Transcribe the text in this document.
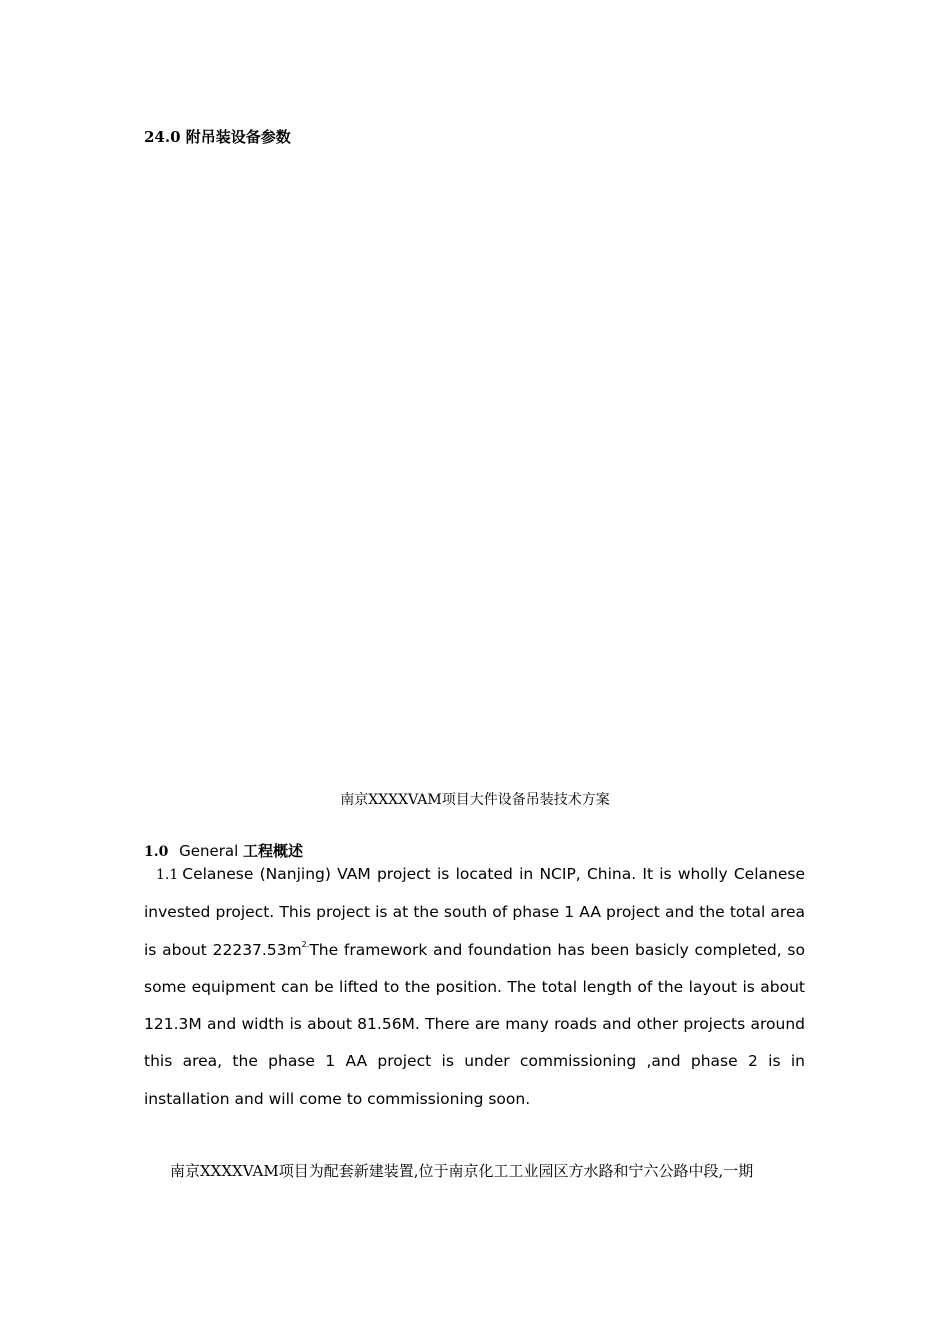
24.0 附吊装设备参数
南京XXXXVAM项目大件设备吊装技术方案
1.0 General 工程概述

1.1 Celanese (Nanjing) VAM project is located in NCIP, China. It is wholly Celanese invested project. This project is at the south of phase 1 AA project and the total area is about $22237.53m^{2.}The$ framework and foundation has been basicly completed, so some equipment can be lifted to the position. The total length of the layout is about 121.3M and width is about 81.56M. There are many roads and other projects around this area, the phase 1 AA project is under commissioning ,and phase 2 is in installation and will come to commissioning soon.

南京XXXXVAM项目为配套新建装置,位于南京化工工业园区方水路和宁六公路中段,一期
